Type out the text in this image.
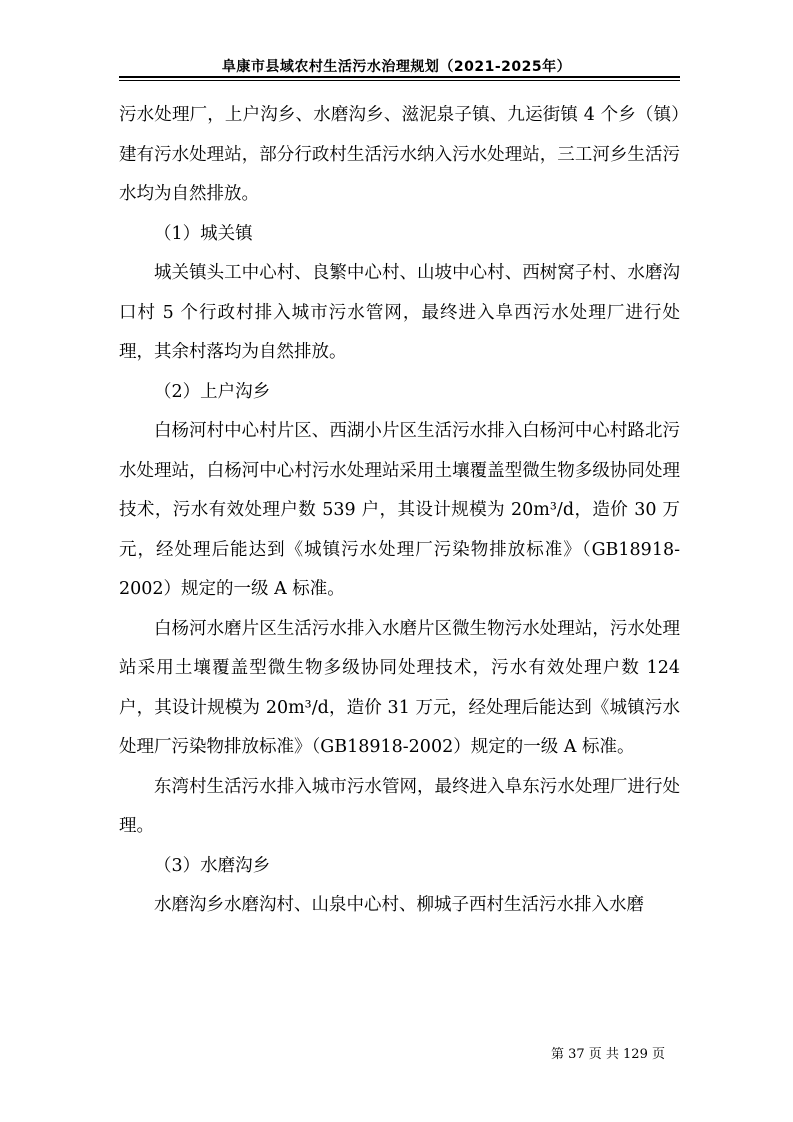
阜康市县域农村生活污水治理规划（2021-2025年）

污水处理厂，上户沟乡、水磨沟乡、滋泥泉子镇、九运街镇 4 个乡（镇）建有污水处理站，部分行政村生活污水纳入污水处理站，三工河乡生活污水均为自然排放。

（1）城关镇

城关镇头工中心村、良繁中心村、山坡中心村、西树窝子村、水磨沟口村 5 个行政村排入城市污水管网，最终进入阜西污水处理厂进行处理，其余村落均为自然排放。

（2）上户沟乡

白杨河村中心村片区、西湖小片区生活污水排入白杨河中心村路北污水处理站，白杨河中心村污水处理站采用土壤覆盖型微生物多级协同处理技术，污水有效处理户数 539 户，其设计规模为 20m³/d，造价 30 万元，经处理后能达到《城镇污水处理厂污染物排放标准》（GB18918-2002）规定的一级 A 标准。

白杨河水磨片区生活污水排入水磨片区微生物污水处理站，污水处理站采用土壤覆盖型微生物多级协同处理技术，污水有效处理户数 124 户，其设计规模为 20m³/d，造价 31 万元，经处理后能达到《城镇污水处理厂污染物排放标准》（GB18918-2002）规定的一级 A 标准。

东湾村生活污水排入城市污水管网，最终进入阜东污水处理厂进行处理。

（3）水磨沟乡

水磨沟乡水磨沟村、山泉中心村、柳城子西村生活污水排入水磨

第 37 页 共 129 页
